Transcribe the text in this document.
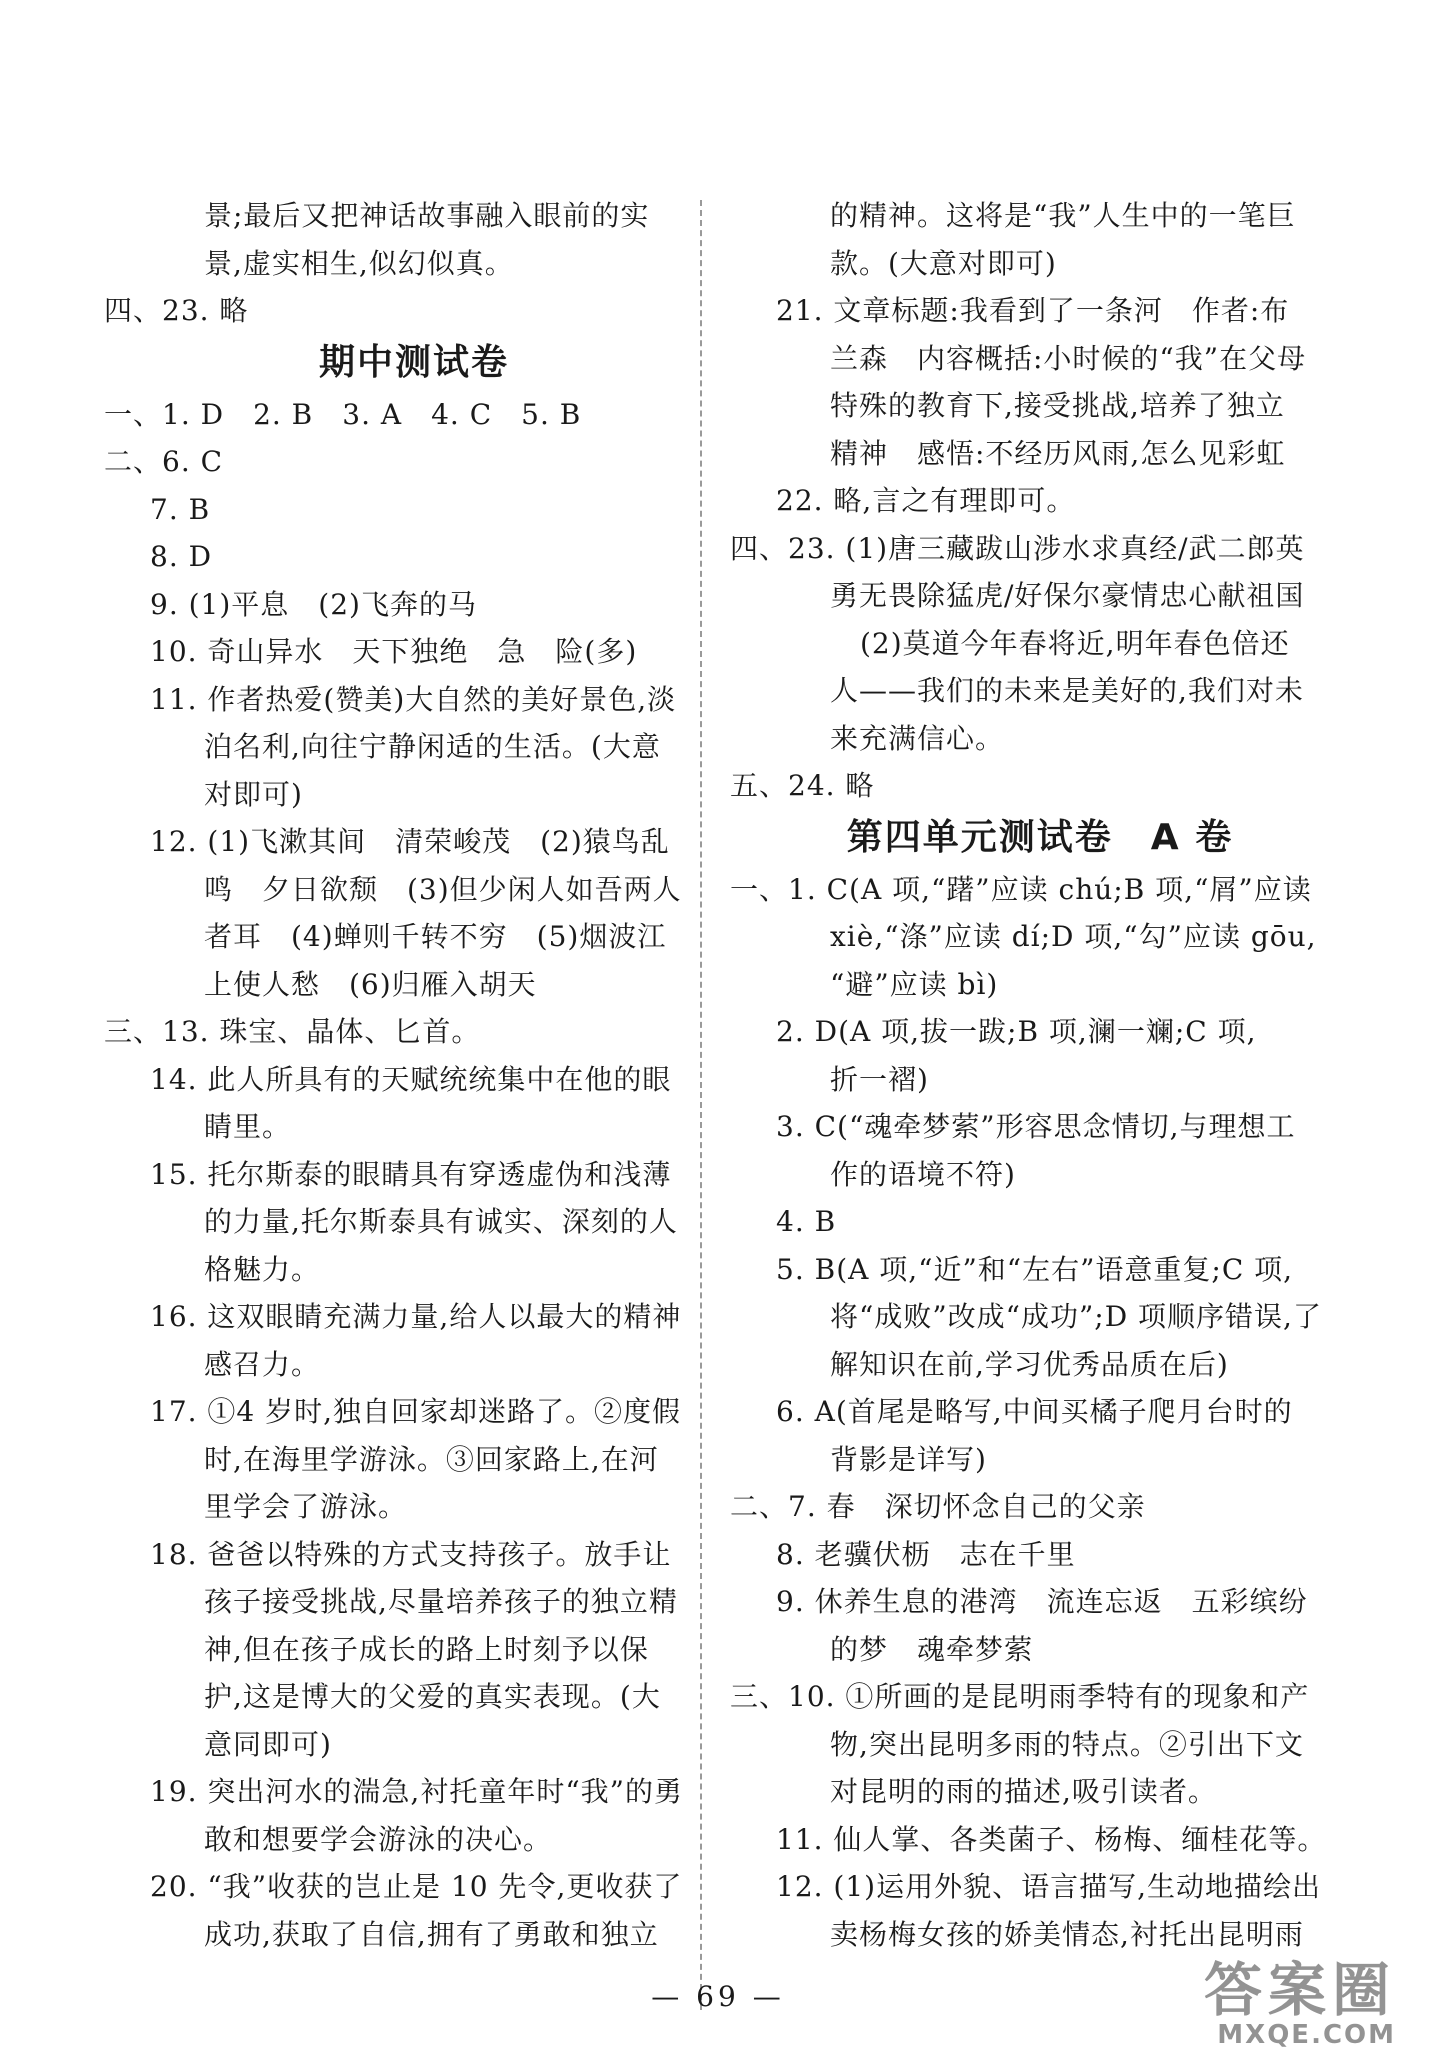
景;最后又把神话故事融入眼前的实
景,虚实相生,似幻似真。
四、23. 略
期中测试卷
一、1. D　2. B　3. A　4. C　5. B
二、6. C
7. B
8. D
9. (1)平息　(2)飞奔的马
10. 奇山异水　天下独绝　急　险(多)
11. 作者热爱(赞美)大自然的美好景色,淡
泊名利,向往宁静闲适的生活。(大意
对即可)
12. (1)飞漱其间　清荣峻茂　(2)猿鸟乱
鸣　夕日欲颓　(3)但少闲人如吾两人
者耳　(4)蝉则千转不穷　(5)烟波江
上使人愁　(6)归雁入胡天
三、13. 珠宝、晶体、匕首。
14. 此人所具有的天赋统统集中在他的眼
睛里。
15. 托尔斯泰的眼睛具有穿透虚伪和浅薄
的力量,托尔斯泰具有诚实、深刻的人
格魅力。
16. 这双眼睛充满力量,给人以最大的精神
感召力。
17. ①4 岁时,独自回家却迷路了。②度假
时,在海里学游泳。③回家路上,在河
里学会了游泳。
18. 爸爸以特殊的方式支持孩子。放手让
孩子接受挑战,尽量培养孩子的独立精
神,但在孩子成长的路上时刻予以保
护,这是博大的父爱的真实表现。(大
意同即可)
19. 突出河水的湍急,衬托童年时“我”的勇
敢和想要学会游泳的决心。
20. “我”收获的岂止是 10 先令,更收获了
成功,获取了自信,拥有了勇敢和独立
的精神。这将是“我”人生中的一笔巨
款。(大意对即可)
21. 文章标题:我看到了一条河　作者:布
兰森　内容概括:小时候的“我”在父母
特殊的教育下,接受挑战,培养了独立
精神　感悟:不经历风雨,怎么见彩虹
22. 略,言之有理即可。
四、23. (1)唐三藏跋山涉水求真经/武二郎英
勇无畏除猛虎/好保尔豪情忠心献祖国
(2)莫道今年春将近,明年春色倍还
人——我们的未来是美好的,我们对未
来充满信心。
五、24. 略
第四单元测试卷　A 卷
一、1. C(A 项,“躇”应读 chú;B 项,“屑”应读
xiè,“涤”应读 dí;D 项,“勾”应读 gōu,
“避”应读 bì)
2. D(A 项,拔一跋;B 项,澜一斓;C 项,
折一褶)
3. C(“魂牵梦萦”形容思念情切,与理想工
作的语境不符)
4. B
5. B(A 项,“近”和“左右”语意重复;C 项,
将“成败”改成“成功”;D 项顺序错误,了
解知识在前,学习优秀品质在后)
6. A(首尾是略写,中间买橘子爬月台时的
背影是详写)
二、7. 春　深切怀念自己的父亲
8. 老骥伏枥　志在千里
9. 休养生息的港湾　流连忘返　五彩缤纷
的梦　魂牵梦萦
三、10. ①所画的是昆明雨季特有的现象和产
物,突出昆明多雨的特点。②引出下文
对昆明的雨的描述,吸引读者。
11. 仙人掌、各类菌子、杨梅、缅桂花等。
12. (1)运用外貌、语言描写,生动地描绘出
卖杨梅女孩的娇美情态,衬托出昆明雨
— 69 —	答案圈
MXQE.COM
